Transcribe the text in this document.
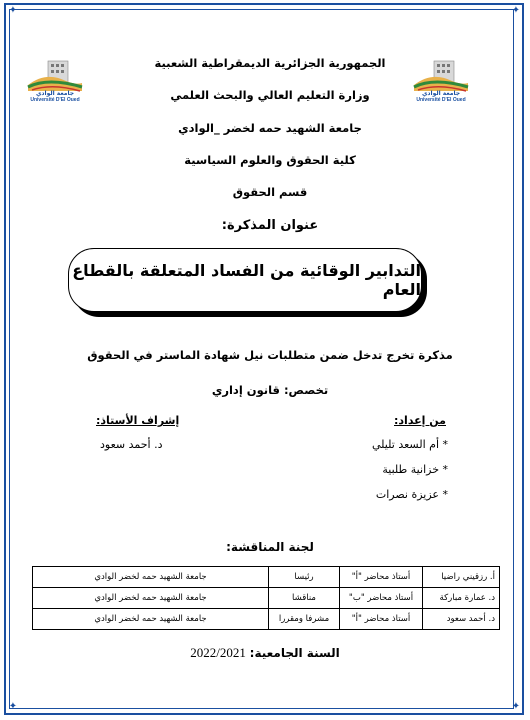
✦	✦
✦	✦
جامعة الوادي
Université D'El Oued
جامعة الوادي
Université D'El Oued
الجمهورية الجزائرية الديمقراطية الشعبية
وزارة التعليم العالي والبحث العلمي
جامعة الشهيد حمه لخضر _الوادي
كلية الحقوق والعلوم السياسية
قسم الحقوق
عنوان المذكرة:
التدابير الوقائية من الفساد المتعلقة بالقطاع العام
مذكرة تخرج تدخل ضمن متطلبات نيل شهادة الماستر في الحقوق
تخصص: قانون إداري
من إعداد:
* أم السعد تليلي
* خزانية طلبية
* عزيزة نصرات
إشراف الأستاذ:
د. أحمد سعود
لجنة المناقشة:
أ. رزقيني راضيا	أستاذ محاضر "أ"	رئيسا	جامعة الشهيد حمه لخضر الوادي
د. عمارة مباركة	أستاذ محاضر "ب"	مناقشا	جامعة الشهيد حمه لخضر الوادي
د. أحمد سعود	أستاذ محاضر "أ"	مشرفا ومقررا	جامعة الشهيد حمه لخضر الوادي
السنة الجامعية: 2022/2021
